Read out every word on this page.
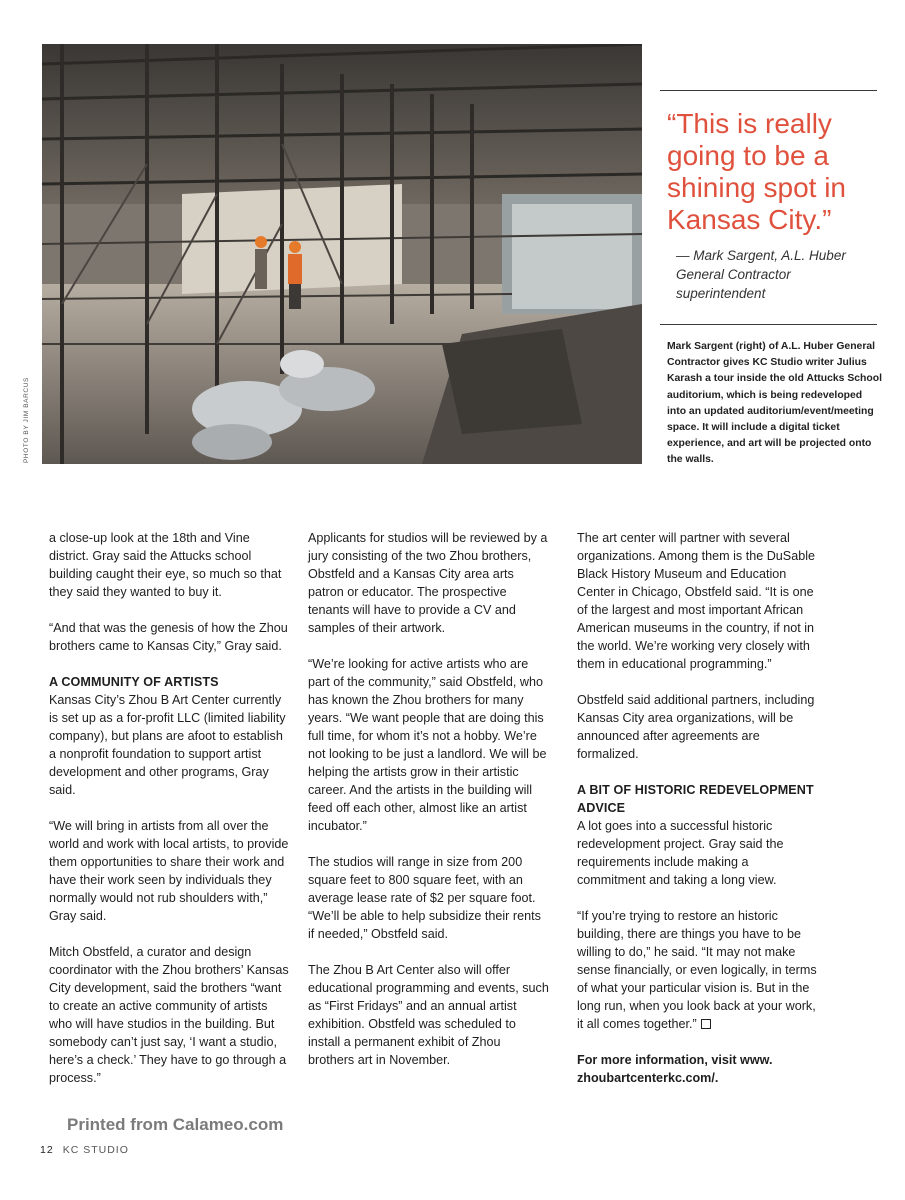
PHOTO BY JIM BARCUS
“This is really going to be a shining spot in Kansas City.”
— Mark Sargent, A.L. Huber General Contractor superintendent
Mark Sargent (right) of A.L. Huber General Contractor gives KC Studio writer Julius Karash a tour inside the old Attucks School auditorium, which is being redeveloped into an updated auditorium/event/meeting space. It will include a digital ticket experience, and art will be projected onto the walls.

a close-up look at the 18th and Vine district. Gray said the Attucks school building caught their eye, so much so that they said they wanted to buy it.

“And that was the genesis of how the Zhou brothers came to Kansas City,” Gray said.

A COMMUNITY OF ARTISTS

Kansas City’s Zhou B Art Center currently is set up as a for-profit LLC (limited liability company), but plans are afoot to establish a nonprofit foundation to support artist development and other programs, Gray said.

“We will bring in artists from all over the world and work with local artists, to provide them opportunities to share their work and have their work seen by individuals they normally would not rub shoulders with,” Gray said.

Mitch Obstfeld, a curator and design coordinator with the Zhou brothers’ Kansas City development, said the brothers “want to create an active community of artists who will have studios in the building. But somebody can’t just say, ‘I want a studio, here’s a check.’ They have to go through a process.”

Applicants for studios will be reviewed by a jury consisting of the two Zhou brothers, Obstfeld and a Kansas City area arts patron or educator. The prospective tenants will have to provide a CV and samples of their artwork.

“We’re looking for active artists who are part of the community,” said Obstfeld, who has known the Zhou brothers for many years. “We want people that are doing this full time, for whom it’s not a hobby. We’re not looking to be just a landlord. We will be helping the artists grow in their artistic career. And the artists in the building will feed off each other, almost like an artist incubator.”

The studios will range in size from 200 square feet to 800 square feet, with an average lease rate of $2 per square foot. “We’ll be able to help subsidize their rents if needed,” Obstfeld said.

The Zhou B Art Center also will offer educational programming and events, such as “First Fridays” and an annual artist exhibition. Obstfeld was scheduled to install a permanent exhibit of Zhou brothers art in November.

The art center will partner with several organizations. Among them is the DuSable Black History Museum and Education Center in Chicago, Obstfeld said. “It is one of the largest and most important African American museums in the country, if not in the world. We’re working very closely with them in educational programming.”

Obstfeld said additional partners, including Kansas City area organizations, will be announced after agreements are formalized.

A BIT OF HISTORIC REDEVELOPMENT ADVICE

A lot goes into a successful historic redevelopment project. Gray said the requirements include making a commitment and taking a long view.

“If you’re trying to restore an historic building, there are things you have to be willing to do,” he said. “It may not make sense financially, or even logically, in terms of what your particular vision is. But in the long run, when you look back at your work, it all comes together.”

For more information, visit www. zhoubartcenterkc.com/.

Printed from Calameo.com
12 KC STUDIO
